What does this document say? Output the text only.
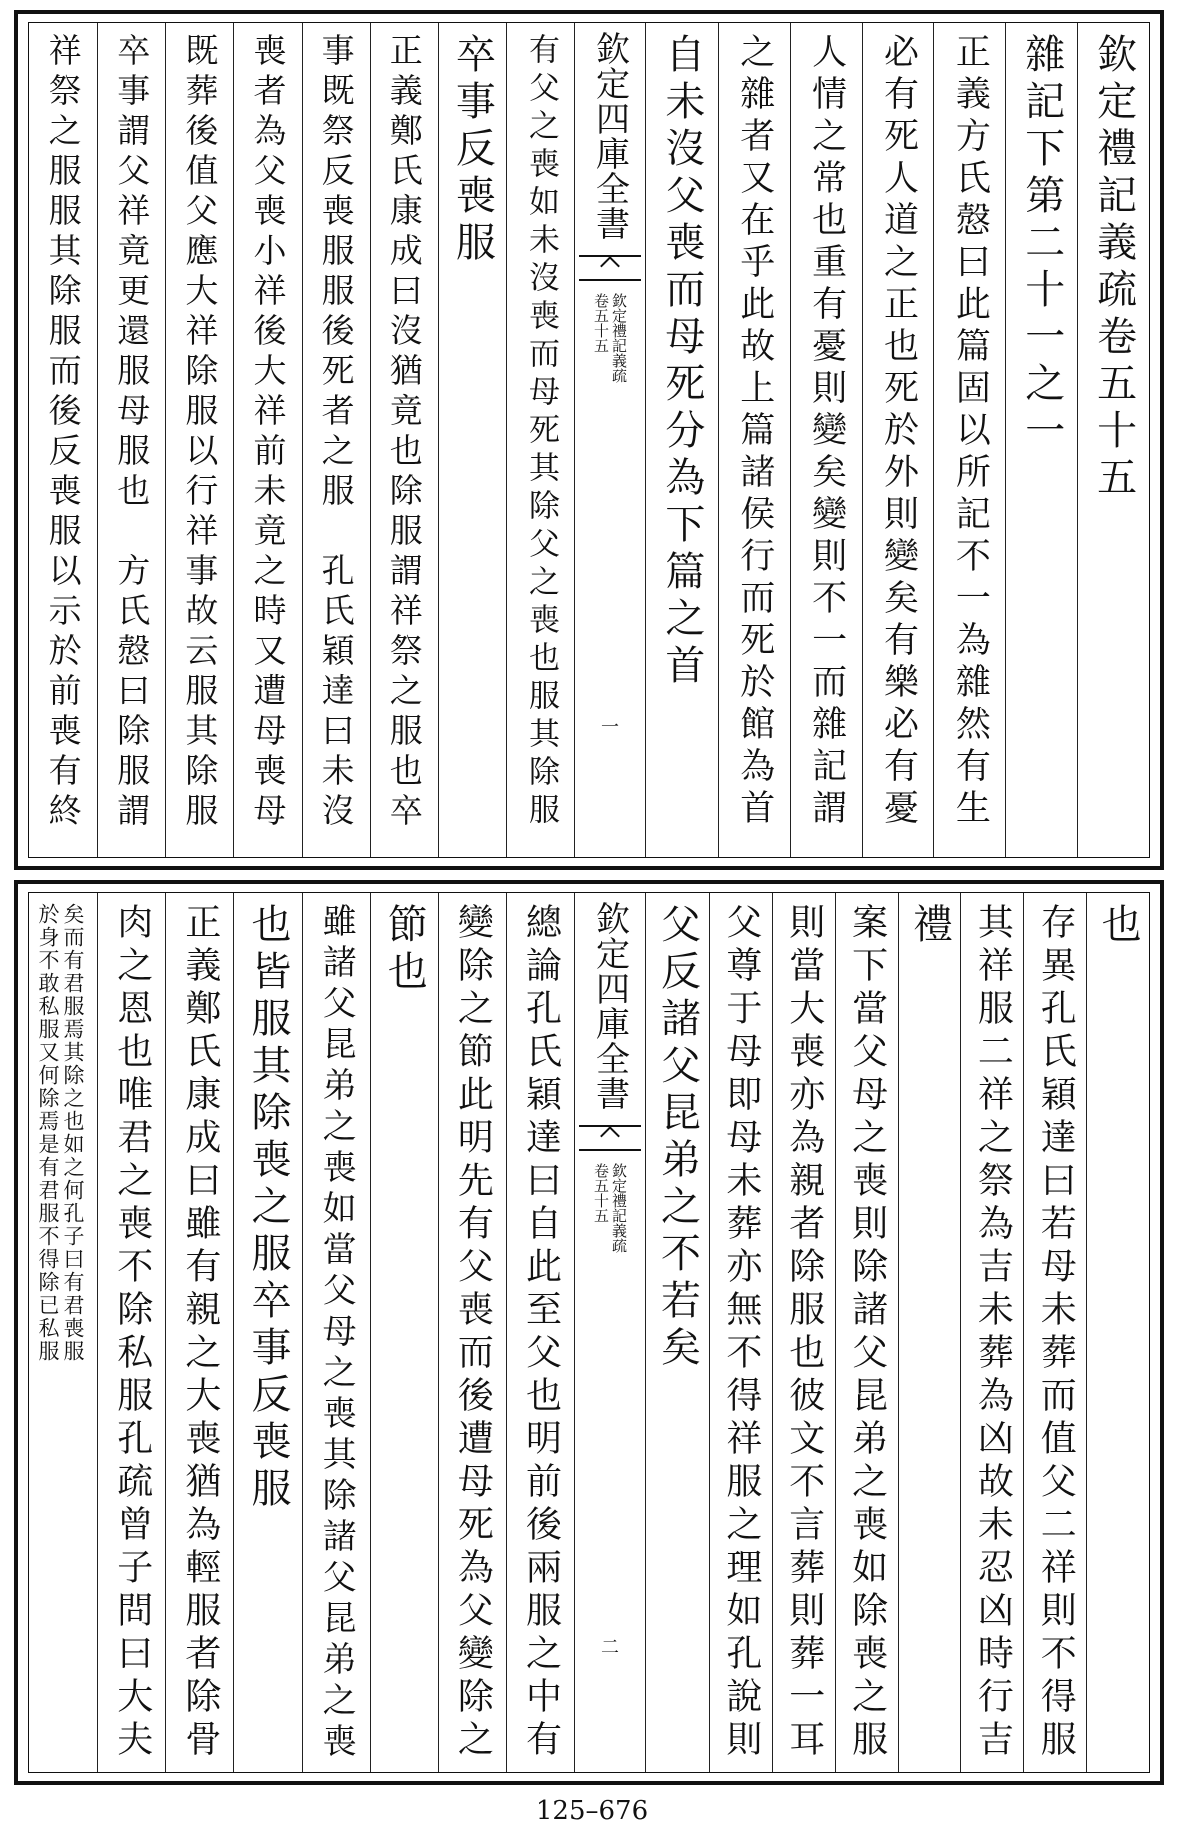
有父之喪如未沒喪而母死其除父之喪也服其除服
卒事反喪服
正義鄭氏康成曰沒猶竟也除服謂祥祭之服也卒
事既祭反喪服服後死者之服　孔氏穎達曰未沒
喪者為父喪小祥後大祥前未竟之時又遭母喪母
既葬後值父應大祥除服以行祥事故云服其除服
卒事謂父祥竟更還服母服也　方氏慤曰除服謂
祥祭之服服其除服而後反喪服以示於前喪有終	欽定四庫全書
欽定禮記義疏
卷五十五
一
欽定禮記義疏卷五十五
雜記下第二十一之一
正義方氏慤曰此篇固以所記不一為雜然有生
必有死人道之正也死於外則變矣有樂必有憂
人情之常也重有憂則變矣變則不一而雜記謂
之雜者又在乎此故上篇諸侯行而死於館為首
自未沒父喪而母死分為下篇之首
總論孔氏穎達曰自此至父也明前後兩服之中有
變除之節此明先有父喪而後遭母死為父變除之
節也
雖諸父昆弟之喪如當父母之喪其除諸父昆弟之喪
也皆服其除喪之服卒事反喪服
正義鄭氏康成曰雖有親之大喪猶為輕服者除骨
肉之恩也唯君之喪不除私服孔疏曾子問曰大夫
矣而有君服焉其除之也如之何孔子曰有君喪服
於身不敢私服又何除焉是有君服不得除已私服	欽定四庫全書
欽定禮記義疏
卷五十五
二
也
存異孔氏穎達曰若母未葬而值父二祥則不得服
其祥服二祥之祭為吉未葬為凶故未忍凶時行吉
禮
案下當父母之喪則除諸父昆弟之喪如除喪之服
則當大喪亦為親者除服也彼文不言葬則葬一耳
父尊于母即母未葬亦無不得祥服之理如孔說則
父反諸父昆弟之不若矣
125–676
